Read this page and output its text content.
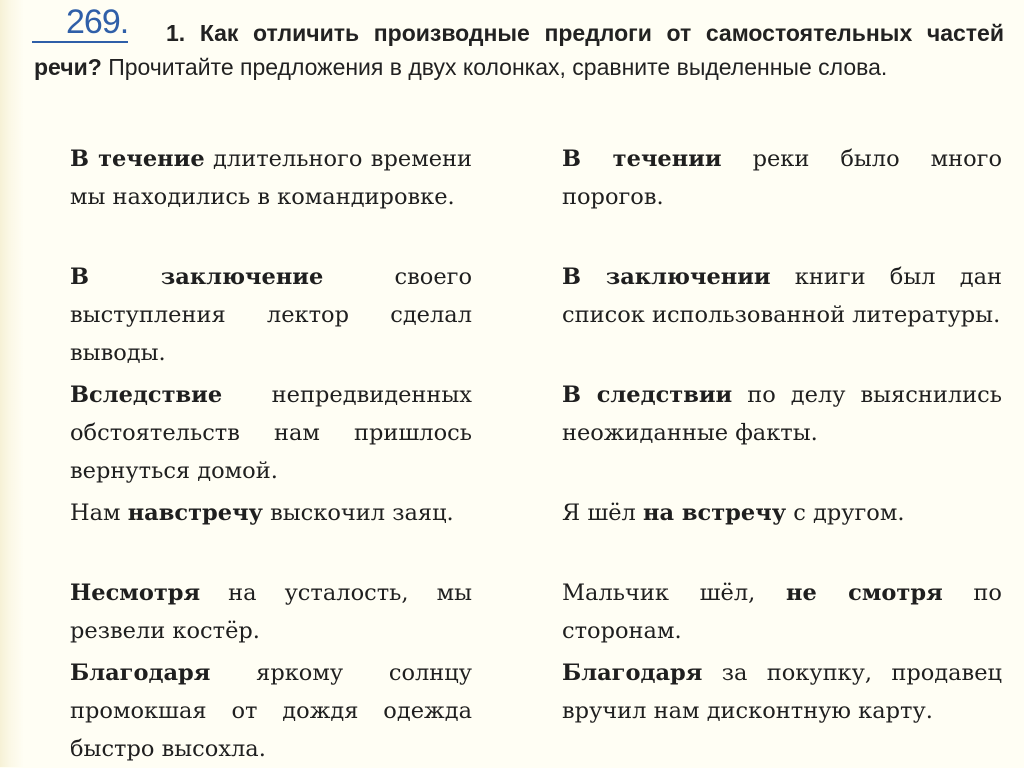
269.	1. Как отличить производные предлоги от самостоятельных частей речи? Прочитайте предложения в двух колонках, сравните выделенные слова.
В течение длительного времени мы находились в командировке.
В заключение своего выступления лектор сделал выводы.
Вследствие непредвиденных обстоятельств нам пришлось вернуться домой.
Нам навстречу выскочил заяц.
Несмотря на усталость, мы резвели костёр.
Благодаря яркому солнцу промокшая от дождя одежда быстро высохла.
В течении реки было много порогов.
В заключении книги был дан список использованной литературы.
В следствии по делу выяснились неожиданные факты.
Я шёл на встречу с другом.
Мальчик шёл, не смотря по сторонам.
Благодаря за покупку, продавец вручил нам дисконтную карту.
